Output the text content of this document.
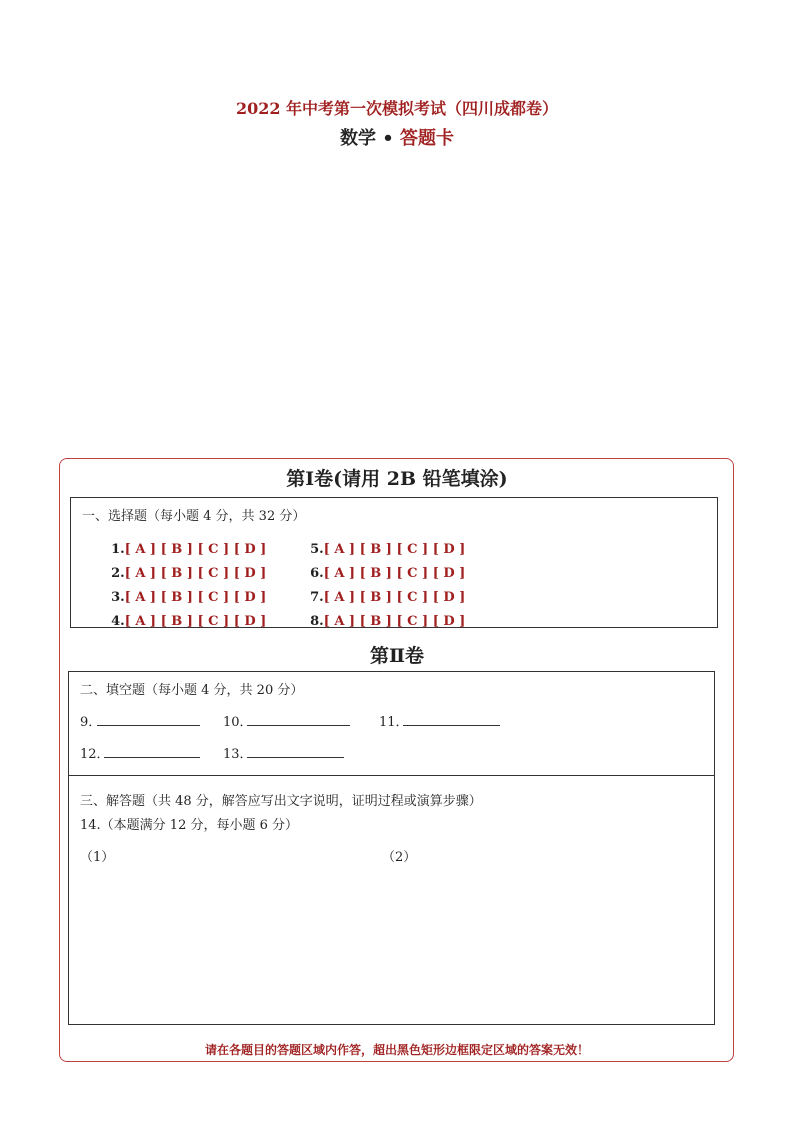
2022 年中考第一次模拟考试（四川成都卷）
数学 • 答题卡
第Ⅰ卷(请用 2B 铅笔填涂)
一、选择题（每小题 4 分，共 32 分）

1.[ A ] [ B ] [ C ] [ D ]

2.[ A ] [ B ] [ C ] [ D ]

3.[ A ] [ B ] [ C ] [ D ]

4.[ A ] [ B ] [ C ] [ D ]

5.[ A ] [ B ] [ C ] [ D ]

6.[ A ] [ B ] [ C ] [ D ]

7.[ A ] [ B ] [ C ] [ D ]

8.[ A ] [ B ] [ C ] [ D ]

第Ⅱ卷
二、填空题（每小题 4 分，共 20 分）
9．	10．	11．
12．	13．
三、解答题（共 48 分，解答应写出文字说明，证明过程或演算步骤）
14.（本题满分 12 分，每小题 6 分）
（1）	（2）
请在各题目的答题区域内作答，超出黑色矩形边框限定区域的答案无效！
